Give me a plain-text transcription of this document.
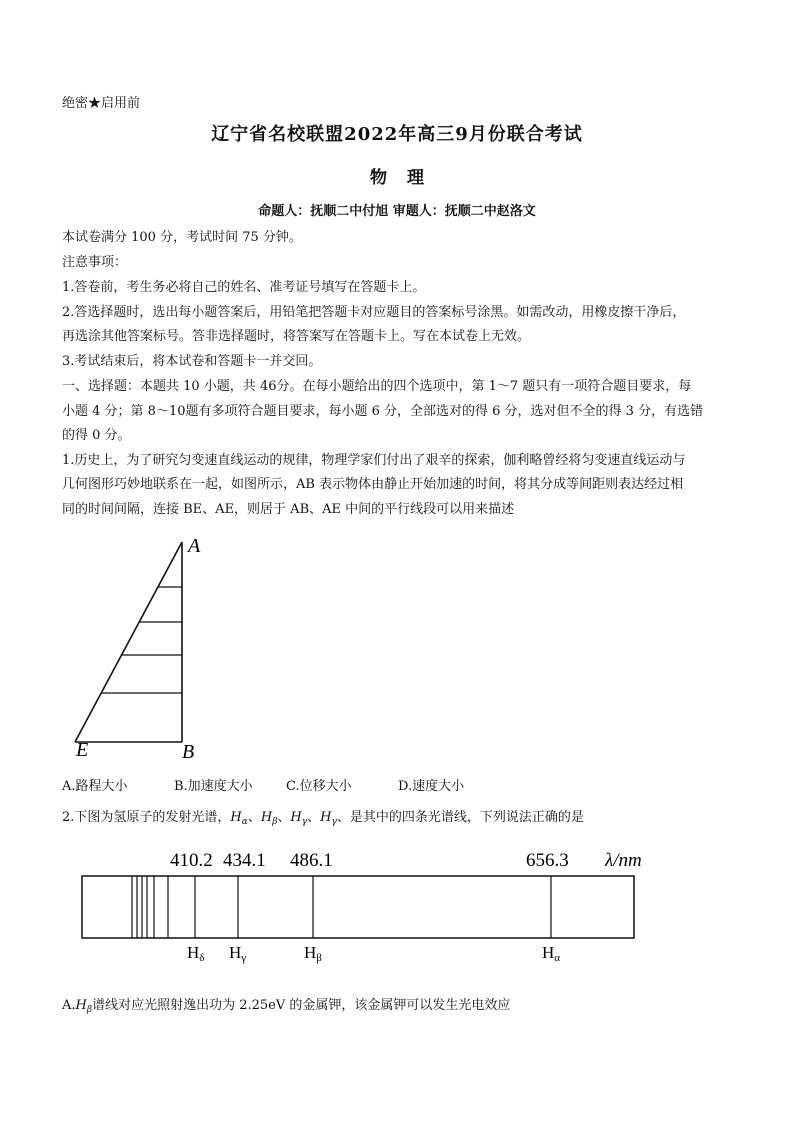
绝密★启用前
辽宁省名校联盟2022年高三9月份联合考试
物 理
命题人：抚顺二中付旭 审题人：抚顺二中赵洛文
本试卷满分 100 分，考试时间 75 分钟。
注意事项：
1.答卷前，考生务必将自己的姓名、准考证号填写在答题卡上。
2.答选择题时，选出每小题答案后，用铅笔把答题卡对应题目的答案标号涂黑。如需改动，用橡皮擦干净后，
再选涂其他答案标号。答非选择题时，将答案写在答题卡上。写在本试卷上无效。
3.考试结束后，将本试卷和答题卡一并交回。
一、选择题：本题共 10 小题，共 46分。在每小题给出的四个选项中，第 1～7 题只有一项符合题目要求，每
小题 4 分；第 8～10题有多项符合题目要求，每小题 6 分，全部选对的得 6 分，选对但不全的得 3 分，有选错
的得 0 分。
1.历史上，为了研究匀变速直线运动的规律，物理学家们付出了艰辛的探索，伽利略曾经将匀变速直线运动与
几何图形巧妙地联系在一起，如图所示，AB 表示物体由静止开始加速的时间，将其分成等间距则表达经过相
同的时间间隔，连接 BE、AE，则居于 AB、AE 中间的平行线段可以用来描述
A
E	B
A.路程大小	B.加速度大小	C.位移大小	D.速度大小
2.下图为氢原子的发射光谱，$H_\alpha$、$H_\beta$、$H_\gamma$、$H_\gamma$、是其中的四条光谱线，下列说法正确的是
410.2 434.1 486.1	656.3 λ/nm
Hδ Hγ	Hβ	Hα
$A.H_\beta$谱线对应光照射逸出功为 2.25eV 的金属钾，该金属钾可以发生光电效应
